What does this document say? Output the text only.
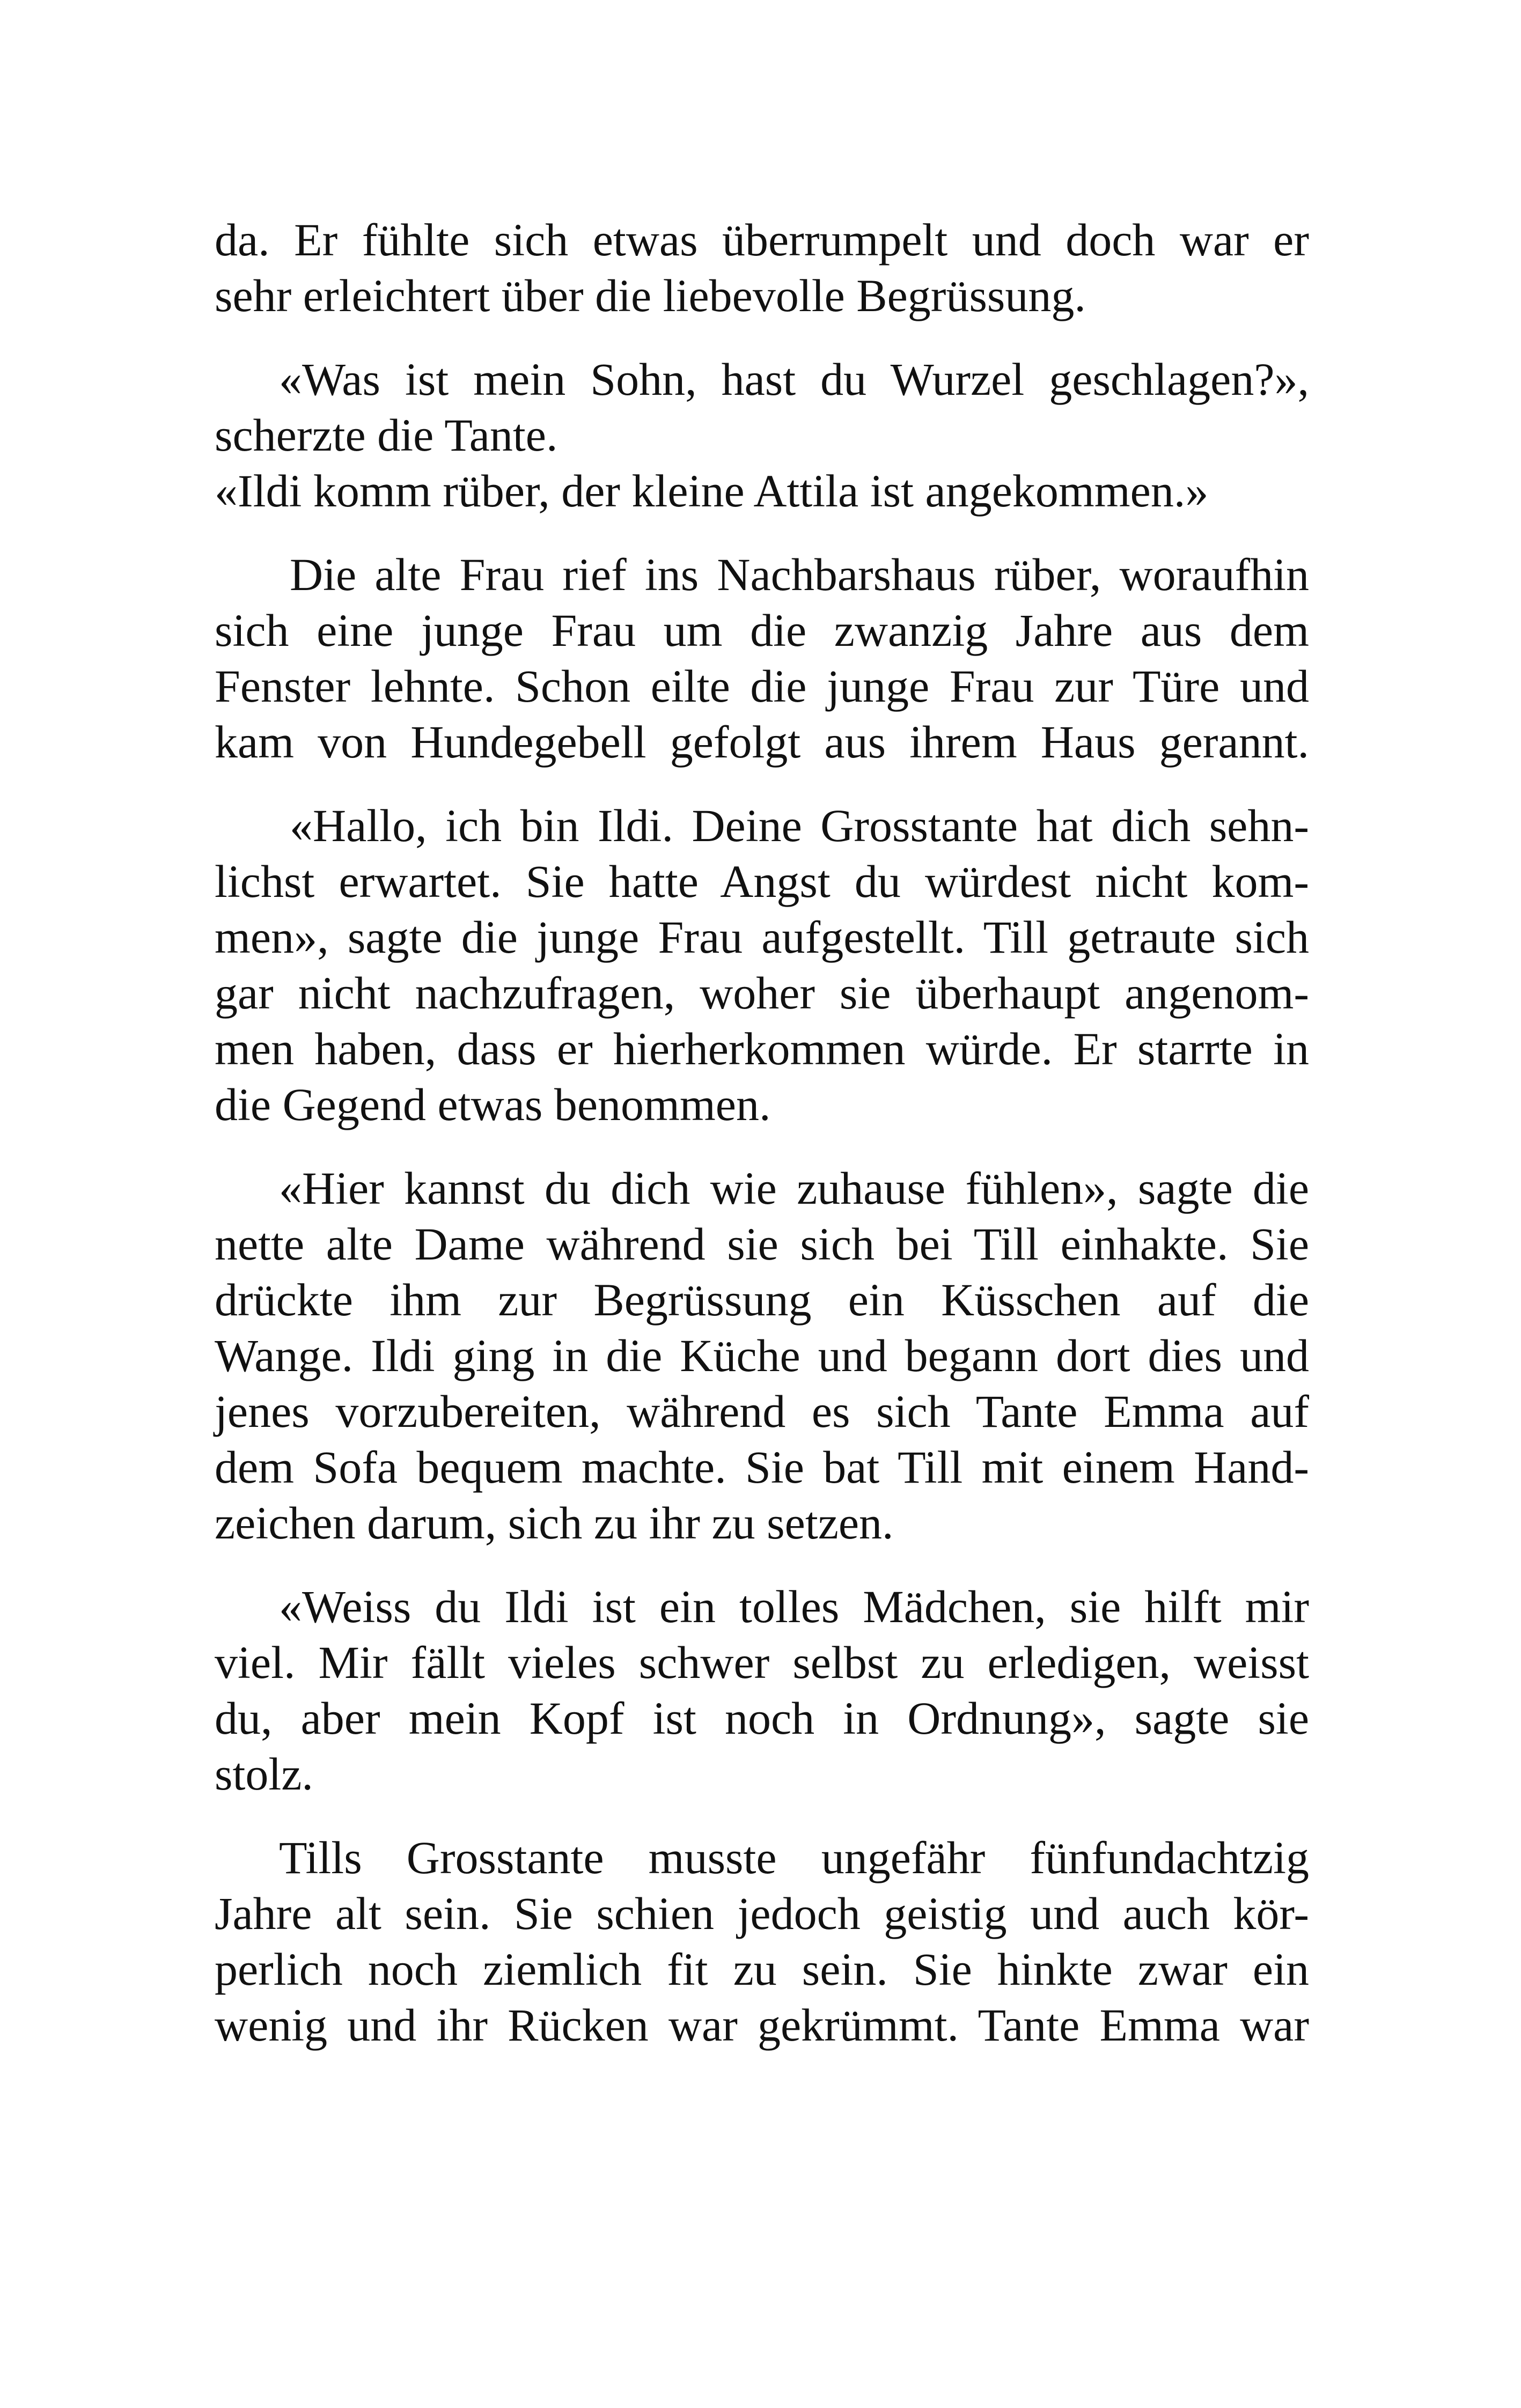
da. Er fühlte sich etwas überrumpelt und doch war er
sehr erleichtert über die liebevolle Begrüssung.
«Was ist mein Sohn, hast du Wurzel geschlagen?»,
scherzte die Tante.
«Ildi komm rüber, der kleine Attila ist angekommen.»
Die alte Frau rief ins Nachbarshaus rüber, woraufhin
sich eine junge Frau um die zwanzig Jahre aus dem
Fenster lehnte. Schon eilte die junge Frau zur Türe und
kam von Hundegebell gefolgt aus ihrem Haus gerannt.
«Hallo, ich bin Ildi. Deine Grosstante hat dich sehn-
lichst erwartet. Sie hatte Angst du würdest nicht kom-
men», sagte die junge Frau aufgestellt. Till getraute sich
gar nicht nachzufragen, woher sie überhaupt angenom-
men haben, dass er hierherkommen würde. Er starrte in
die Gegend etwas benommen.
«Hier kannst du dich wie zuhause fühlen», sagte die
nette alte Dame während sie sich bei Till einhakte. Sie
drückte ihm zur Begrüssung ein Küsschen auf die
Wange. Ildi ging in die Küche und begann dort dies und
jenes vorzubereiten, während es sich Tante Emma auf
dem Sofa bequem machte. Sie bat Till mit einem Hand-
zeichen darum, sich zu ihr zu setzen.
«Weiss du Ildi ist ein tolles Mädchen, sie hilft mir
viel. Mir fällt vieles schwer selbst zu erledigen, weisst
du, aber mein Kopf ist noch in Ordnung», sagte sie
stolz.
Tills Grosstante musste ungefähr fünfundachtzig
Jahre alt sein. Sie schien jedoch geistig und auch kör-
perlich noch ziemlich fit zu sein. Sie hinkte zwar ein
wenig und ihr Rücken war gekrümmt. Tante Emma war
